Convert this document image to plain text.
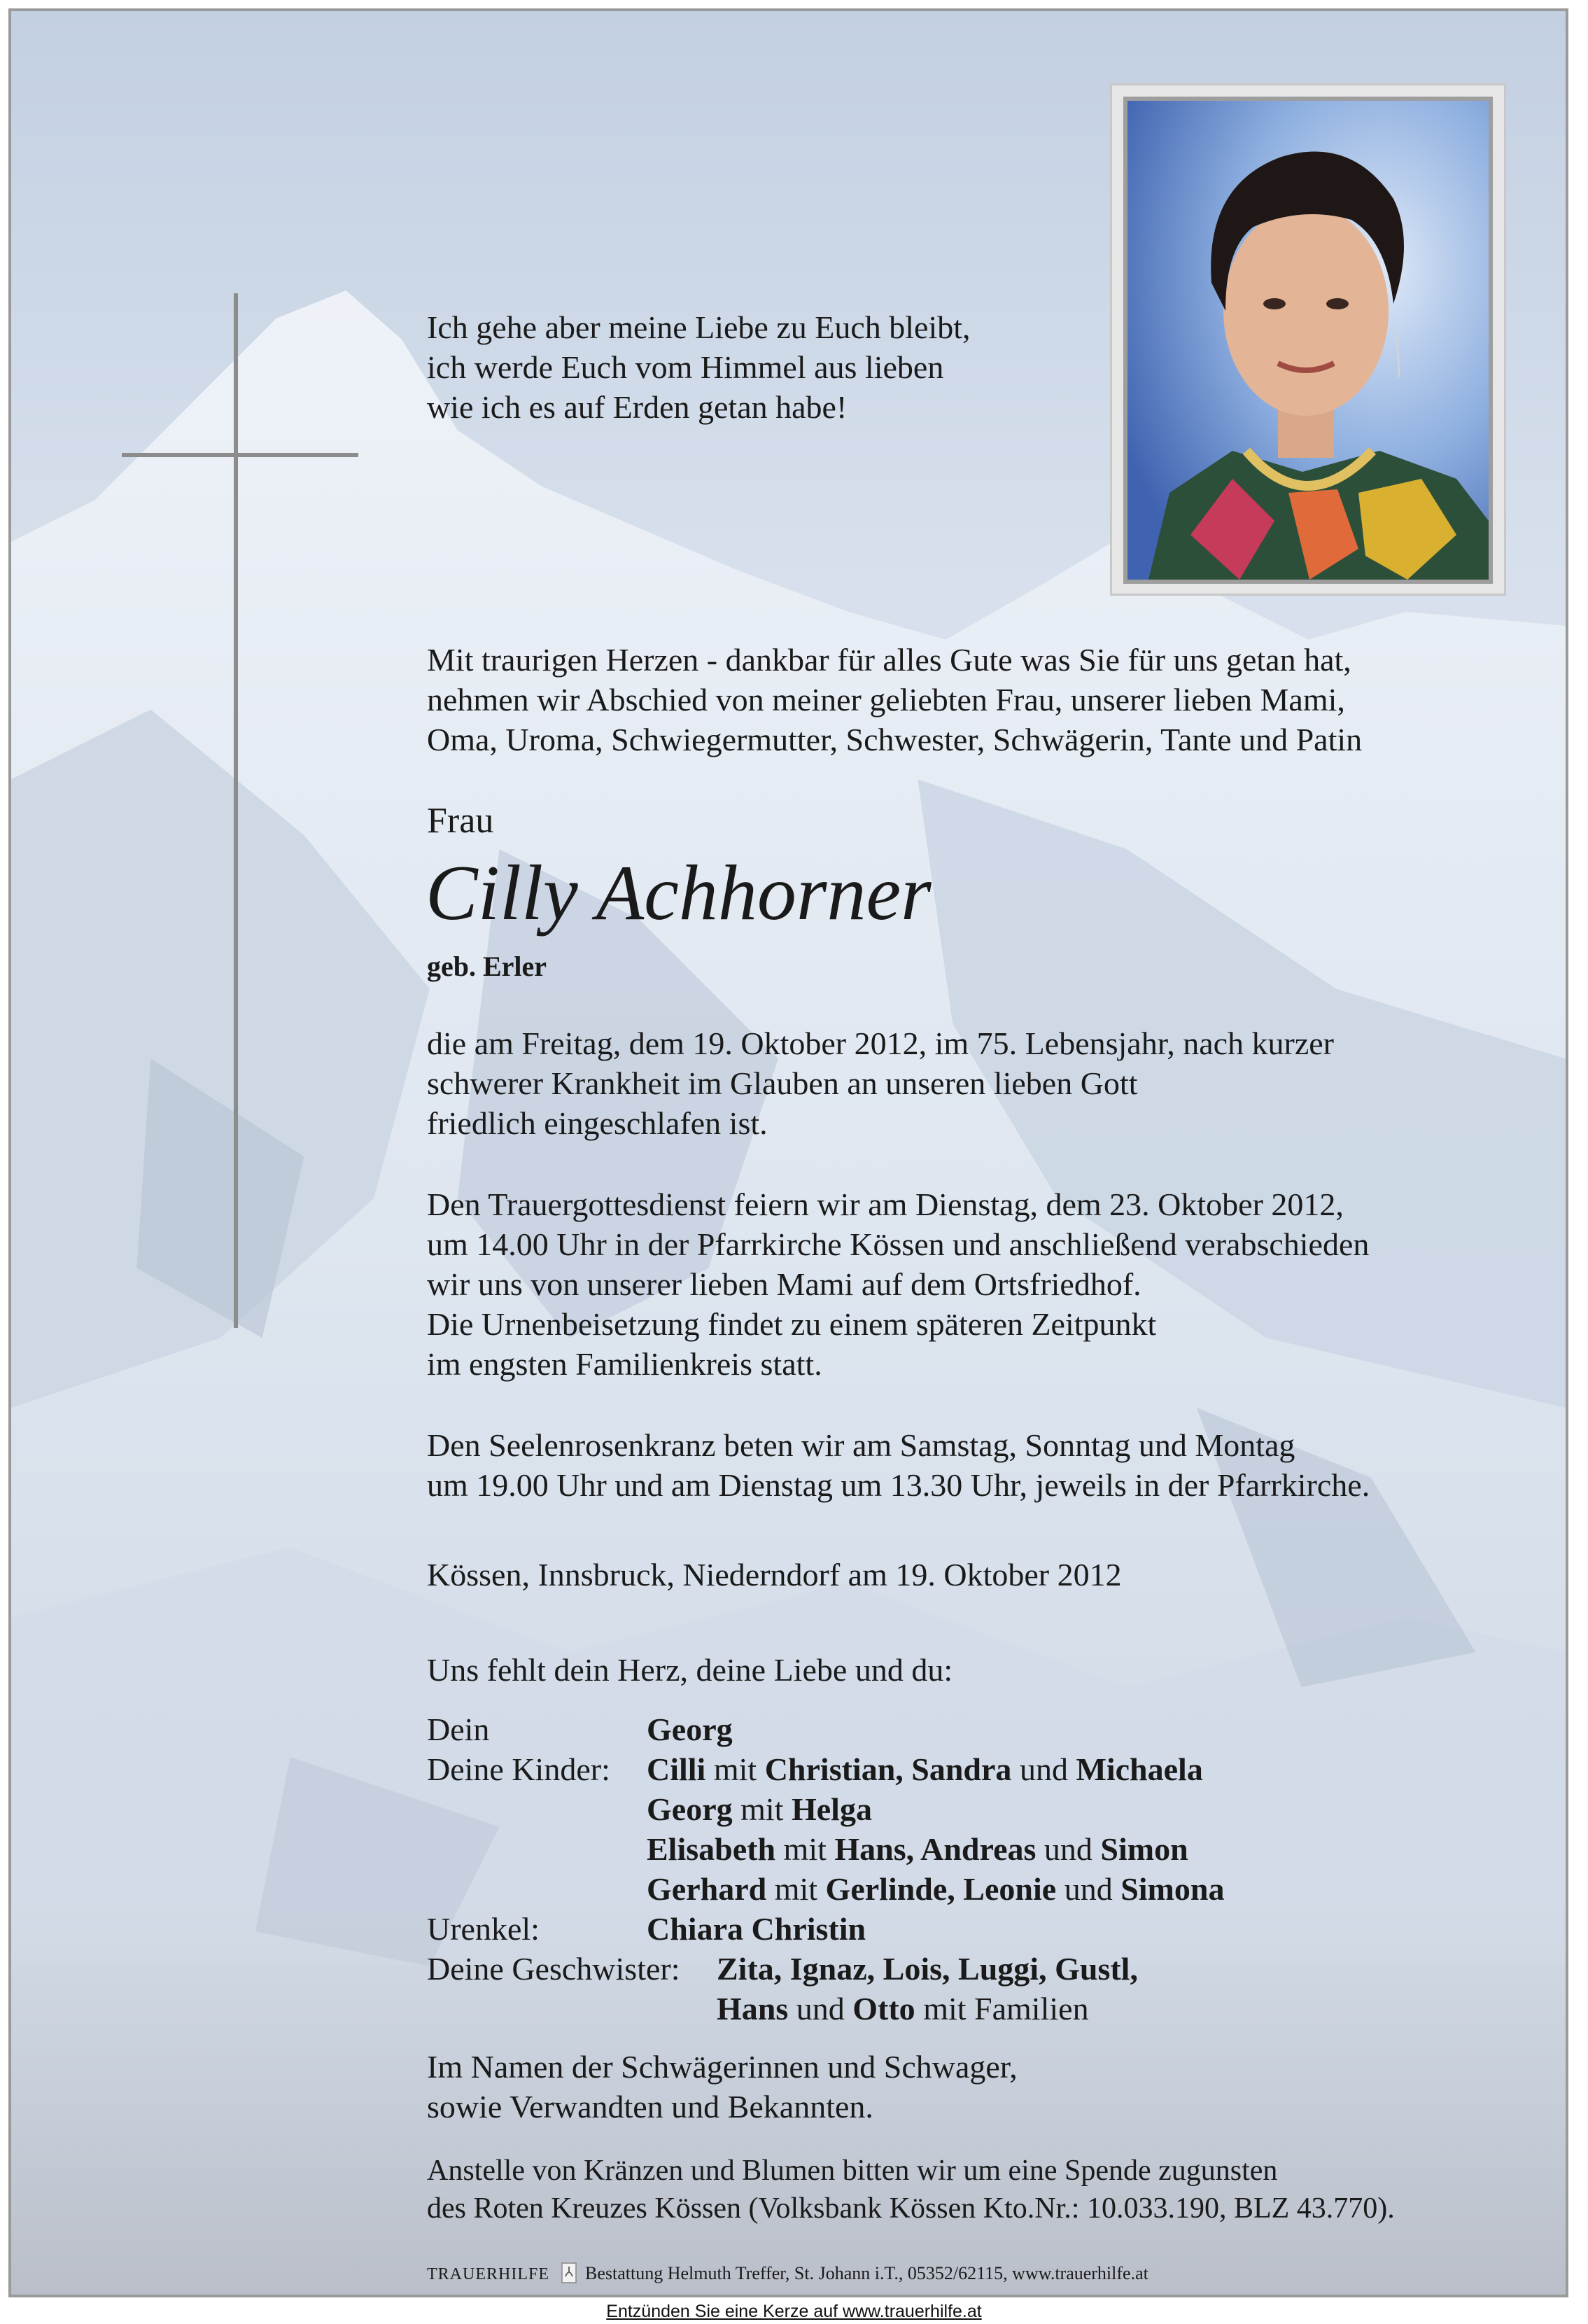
Ich gehe aber meine Liebe zu Euch bleibt,
ich werde Euch vom Himmel aus lieben
wie ich es auf Erden getan habe!
Mit traurigen Herzen - dankbar für alles Gute was Sie für uns getan hat,
nehmen wir Abschied von meiner geliebten Frau, unserer lieben Mami,
Oma, Uroma, Schwiegermutter, Schwester, Schwägerin, Tante und Patin
Frau
Cilly Achhorner
geb. Erler
die am Freitag, dem 19. Oktober 2012, im 75. Lebensjahr, nach kurzer
schwerer Krankheit im Glauben an unseren lieben Gott
friedlich eingeschlafen ist.
Den Trauergottesdienst feiern wir am Dienstag, dem 23. Oktober 2012,
um 14.00 Uhr in der Pfarrkirche Kössen und anschließend verabschieden
wir uns von unserer lieben Mami auf dem Ortsfriedhof.
Die Urnenbeisetzung findet zu einem späteren Zeitpunkt
im engsten Familienkreis statt.
Den Seelenrosenkranz beten wir am Samstag, Sonntag und Montag
um 19.00 Uhr und am Dienstag um 13.30 Uhr, jeweils in der Pfarrkirche.
Kössen, Innsbruck, Niederndorf am 19. Oktober 2012
Uns fehlt dein Herz, deine Liebe und du:
Dein	Georg
Deine Kinder: Cilli mit Christian, Sandra und Michaela
Georg mit Helga
Elisabeth mit Hans, Andreas und Simon
Gerhard mit Gerlinde, Leonie und Simona
Urenkel:	Chiara Christin
Deine Geschwister: Zita, Ignaz, Lois, Luggi, Gustl,
Hans und Otto mit Familien
Im Namen der Schwägerinnen und Schwager,
sowie Verwandten und Bekannten.
Anstelle von Kränzen und Blumen bitten wir um eine Spende zugunsten
des Roten Kreuzes Kössen (Volksbank Kössen Kto.Nr.: 10.033.190, BLZ 43.770).
TRAUERHILFE Bestattung Helmuth Treffer, St. Johann i.T., 05352/62115, www.trauerhilfe.at
Entzünden Sie eine Kerze auf www.trauerhilfe.at
